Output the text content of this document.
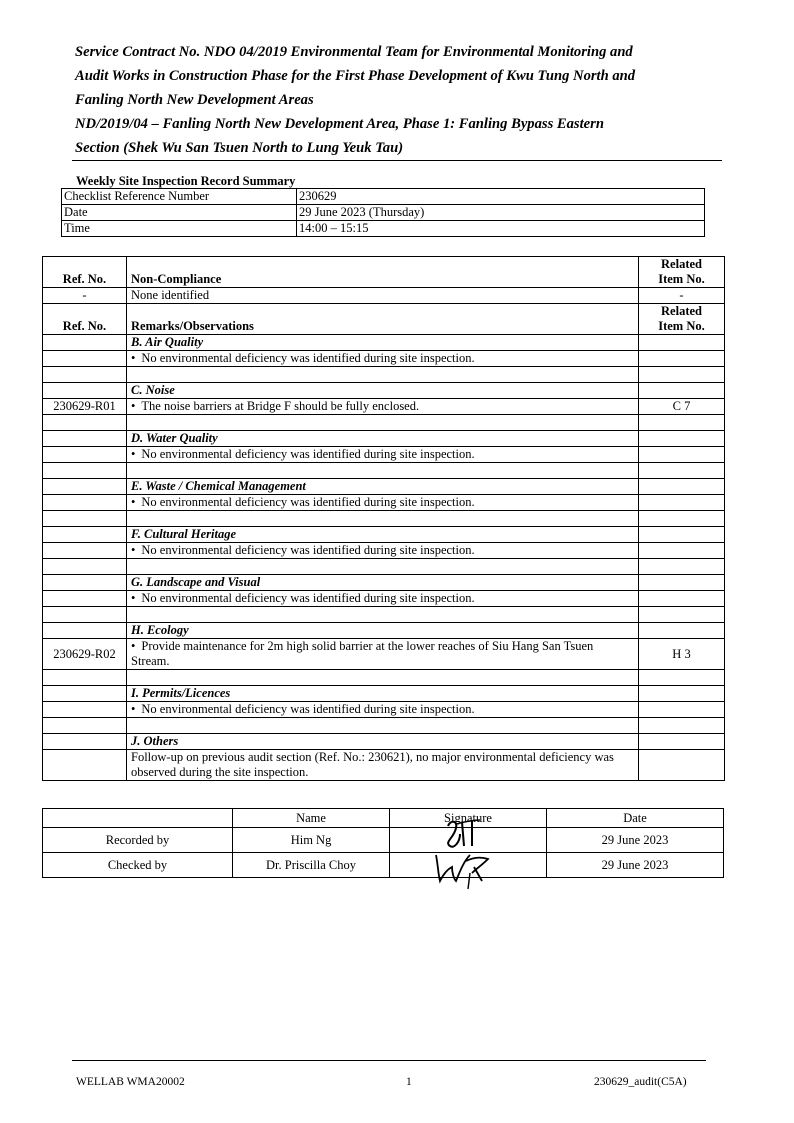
Service Contract No. NDO 04/2019 Environmental Team for Environmental Monitoring and
Audit Works in Construction Phase for the First Phase Development of Kwu Tung North and
Fanling North New Development Areas
ND/2019/04 – Fanling North New Development Area, Phase 1: Fanling Bypass Eastern
Section (Shek Wu San Tsuen North to Lung Yeuk Tau)
Weekly Site Inspection Record Summary
Checklist Reference Number	230629
Date	29 June 2023 (Thursday)
Time	14:00 – 15:15
Ref. No.	Non-Compliance	Related
Item No.

-	None identified	-
Ref. No.	Remarks/Observations	Related
Item No.

	B. Air Quality	
	• No environmental deficiency was identified during site inspection.	

	C. Noise	
230629-R01	• The noise barriers at Bridge F should be fully enclosed.	C 7

	D. Water Quality	
	• No environmental deficiency was identified during site inspection.	

	E. Waste / Chemical Management	
	• No environmental deficiency was identified during site inspection.	

	F. Cultural Heritage	
	• No environmental deficiency was identified during site inspection.	

	G. Landscape and Visual	
	• No environmental deficiency was identified during site inspection.	

	H. Ecology	
230629-R02	• Provide maintenance for 2m high solid barrier at the lower reaches of Siu Hang San Tsuen Stream.	H 3

	I. Permits/Licences	
	• No environmental deficiency was identified during site inspection.	

	J. Others	
	Follow-up on previous audit section (Ref. No.: 230621), no major environmental deficiency was observed during the site inspection.	
	Name	Signature	Date
Recorded by	Him Ng		29 June 2023
Checked by	Dr. Priscilla Choy		29 June 2023
WELLAB WMA20002	1	230629_audit(C5A)
